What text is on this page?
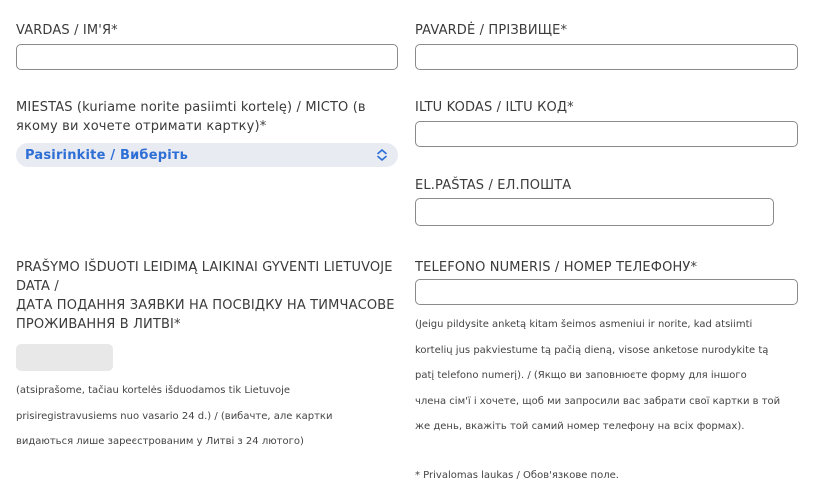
VARDAS / ІМ'Я*
MIESTAS (kuriame norite pasiimti kortelę) / МІСТО (в
якому ви хочете отримати картку)*
Pasirinkite / Виберіть
PRAŠYMO IŠDUOTI LEIDIMĄ LAIKINAI GYVENTI LIETUVOJE
DATA /
ДАТА ПОДАННЯ ЗАЯВКИ НА ПОСВІДКУ НА ТИМЧАСОВЕ
ПРОЖИВАННЯ В ЛИТВІ*
(atsiprašome, tačiau kortelės išduodamos tik Lietuvoje
prisiregistravusiems nuo vasario 24 d.) / (вибачте, але картки
видаються лише зареєстрованим у Литві з 24 лютого)
PAVARDĖ / ПРІЗВИЩЕ*
ILTU KODAS / ILTU КОД*
EL.PAŠTAS / ЕЛ.ПОШТА
TELEFONO NUMERIS / НОМЕР ТЕЛЕФОНУ*
(Jeigu pildysite anketą kitam šeimos asmeniui ir norite, kad atsiimti
kortelių jus pakviestume tą pačią dieną, visose anketose nurodykite tą
patį telefono numerį). / (Якщо ви заповнюєте форму для іншого
члена сім'ї і хочете, щоб ми запросили вас забрати свої картки в той
же день, вкажіть той самий номер телефону на всіх формах).
* Privalomas laukas / Обов'язкове поле.
